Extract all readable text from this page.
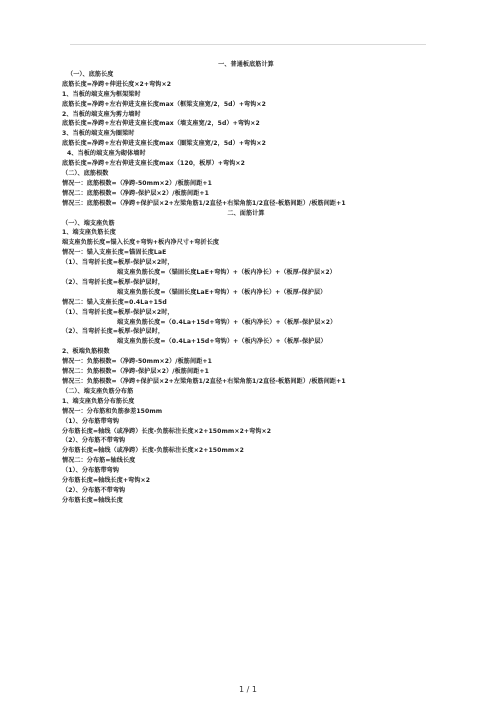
一、普通板底筋计算
（一）、底筋长度
底筋长度=净跨+伸进长度×2+弯钩×2
1、当板的端支座为框架梁时
底筋长度=净跨+左右伸进支座长度max（框梁支座宽/2，5d）+弯钩×2
2、当板的端支座为剪力墙时
底筋长度=净跨+左右伸进支座长度max（墙支座宽/2，5d）+弯钩×2
3、当板的端支座为圈梁时
底筋长度=净跨+左右伸进支座长度max（圈梁支座宽/2，5d）+弯钩×2
4、当板的端支座为砌体墙时
底筋长度=净跨+左右伸进支座长度max（120，板厚）+弯钩×2
（二）、底筋根数
情况一：底筋根数=（净跨-50mm×2）/板筋间距+1
情况二：底筋根数=（净跨-保护层×2）/板筋间距+1
情况三：底筋根数=（净跨+保护层×2+左梁角筋1/2直径+右梁角筋1/2直径-板筋间距）/板筋间距+1
二、面筋计算
（一）、端支座负筋
1、端支座负筋长度
端支座负筋长度=锚入长度+弯钩+板内净尺寸+弯折长度
情况一：锚入支座长度=锚固长度LaE
（1）、当弯折长度=板厚-保护层×2时，
端支座负筋长度=（锚固长度LaE+弯钩）+（板内净长）+（板厚-保护层×2）
（2）、当弯折长度=板厚-保护层时，
端支座负筋长度=（锚固长度LaE+弯钩）+（板内净长）+（板厚-保护层）
情况二：锚入支座长度=0.4La+15d
（1）、当弯折长度=板厚-保护层×2时，
端支座负筋长度=（0.4La+15d+弯钩）+（板内净长）+（板厚-保护层×2）
（2）、当弯折长度=板厚-保护层时，
端支座负筋长度=（0.4La+15d+弯钩）+（板内净长）+（板厚-保护层）
2、板端负筋根数
情况一：负筋根数=（净跨-50mm×2）/板筋间距+1
情况二：负筋根数=（净跨-保护层×2）/板筋间距+1
情况三：负筋根数=（净跨+保护层×2+左梁角筋1/2直径+右梁角筋1/2直径-板筋间距）/板筋间距+1
（二）、端支座负筋分布筋
1、端支座负筋分布筋长度
情况一：分布筋和负筋参差150mm
（1）、分布筋带弯钩
分布筋长度=轴线（或净跨）长度-负筋标注长度×2+150mm×2+弯钩×2
（2）、分布筋不带弯钩
分布筋长度=轴线（或净跨）长度-负筋标注长度×2+150mm×2
情况二：分布筋=轴线长度
（1）、分布筋带弯钩
分布筋长度=轴线长度+弯钩×2
（2）、分布筋不带弯钩
分布筋长度=轴线长度
1 / 1
